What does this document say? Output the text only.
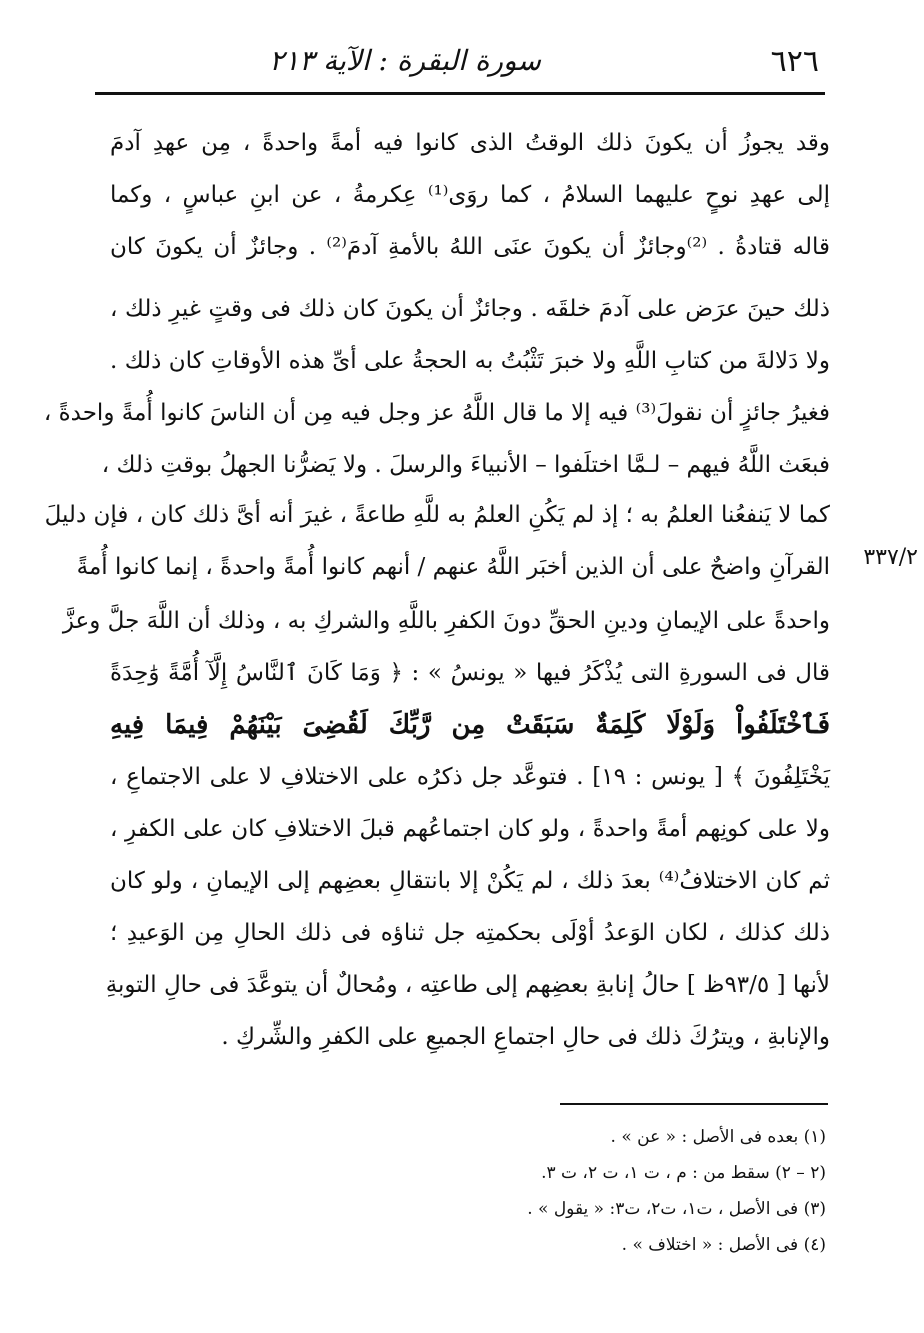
٦٢٦
سورة البقرة : الآية ٢١٣
٣٣٧/٢
وقد يجوزُ أن يكونَ ذلك الوقتُ الذى كانوا فيه أمةً واحدةً ، مِن عهدِ آدمَ
إلى عهدِ نوحٍ عليهما السلامُ ، كما روَى⁽¹⁾ عِكرمةُ ، عن ابنِ عباسٍ ، وكما
قاله قتادةُ . ⁽²⁾وجائزٌ أن يكونَ عنَى اللهُ بالأمةِ آدمَ⁽²⁾ . وجائزٌ أن يكونَ كان
ذلك حينَ عرَض على آدمَ خلقَه . وجائزٌ أن يكونَ كان ذلك فى وقتٍ غيرِ ذلك ،
ولا دَلالةَ من كتابِ اللَّهِ ولا خبرَ تَثْبُتُ به الحجةُ على أىِّ هذه الأوقاتِ كان ذلك .
فغيرُ جائزٍ أن نقولَ⁽³⁾ فيه إلا ما قال اللَّهُ عز وجل فيه مِن أن الناسَ كانوا أُمةً واحدةً ،
فبعَث اللَّهُ فيهم – لـمَّا اختلَفوا – الأنبياءَ والرسلَ . ولا يَضرُّنا الجهلُ بوقتِ ذلك ،
كما لا يَنفعُنا العلمُ به ؛ إذ لم يَكُنِ العلمُ به للَّهِ طاعةً ، غيرَ أنه أىَّ ذلك كان ، فإن دليلَ
القرآنِ واضحٌ على أن الذين أخبَر اللَّهُ عنهم / أنهم كانوا أُمةً واحدةً ، إنما كانوا أُمةً
واحدةً على الإيمانِ ودينِ الحقِّ دونَ الكفرِ باللَّهِ والشركِ به ، وذلك أن اللَّهَ جلَّ وعزَّ
قال فى السورةِ التى يُذْكَرُ فيها « يونسُ » : ﴿ وَمَا كَانَ ٱلنَّاسُ إِلَّآ أُمَّةً وَٰحِدَةً
فَٱخْتَلَفُواْ وَلَوْلَا كَلِمَةٌ سَبَقَتْ مِن رَّبِّكَ لَقُضِىَ بَيْنَهُمْ فِيمَا فِيهِ
يَخْتَلِفُونَ ﴾ [ يونس : ١٩] . فتوعَّد جل ذكرُه على الاختلافِ لا على الاجتماعِ ،
ولا على كونِهم أمةً واحدةً ، ولو كان اجتماعُهم قبلَ الاختلافِ كان على الكفرِ ،
ثم كان الاختلافُ⁽⁴⁾ بعدَ ذلك ، لم يَكُنْ إلا بانتقالِ بعضِهم إلى الإيمانِ ، ولو كان
ذلك كذلك ، لكان الوَعدُ أوْلَى بحكمتِه جل ثناؤه فى ذلك الحالِ مِن الوَعيدِ ؛
لأنها [ ٩٣/٥ظ ] حالُ إنابةِ بعضِهم إلى طاعتِه ، ومُحالٌ أن يتوعَّدَ فى حالِ التوبةِ
والإنابةِ ، ويترُكَ ذلك فى حالِ اجتماعِ الجميعِ على الكفرِ والشِّركِ .
(١) بعده فى الأصل : « عن » .
(٢ – ٢) سقط من : م ، ت ١، ت ٢، ت ٣.
(٣) فى الأصل ، ت١، ت٢، ت٣: « يقول » .
(٤) فى الأصل : « اختلاف » .
